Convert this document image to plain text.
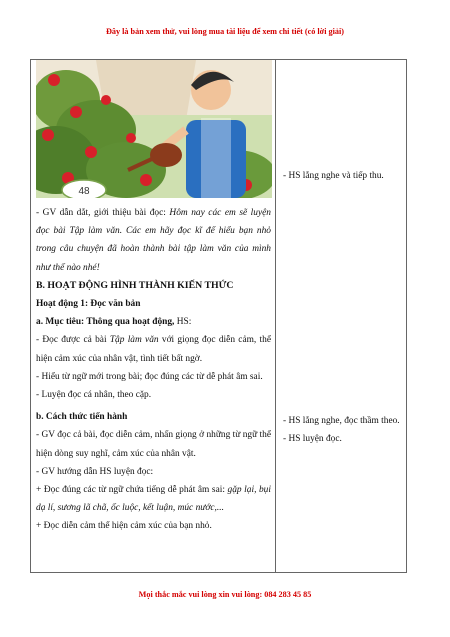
Đây là bản xem thử, vui lòng mua tài liệu để xem chi tiết (có lời giải)
48

- GV dẫn dắt, giới thiệu bài đọc: Hôm nay các em sẽ luyện đọc bài Tập làm văn. Các em hãy đọc kĩ để hiểu bạn nhỏ trong câu chuyện đã hoàn thành bài tập làm văn của mình như thế nào nhé!

B. HOẠT ĐỘNG HÌNH THÀNH KIẾN THỨC

Hoạt động 1: Đọc văn bản

a. Mục tiêu: Thông qua hoạt động, HS:

- Đọc được cả bài Tập làm văn với giọng đọc diễn cảm, thể hiện cảm xúc của nhân vật, tình tiết bất ngờ.

- Hiểu từ ngữ mới trong bài; đọc đúng các từ dễ phát âm sai.

- Luyện đọc cá nhân, theo cặp.

b. Cách thức tiến hành

- GV đọc cả bài, đọc diễn cảm, nhấn giọng ở những từ ngữ thể hiện dòng suy nghĩ, cảm xúc của nhân vật.

- GV hướng dẫn HS luyện đọc:

+ Đọc đúng các từ ngữ chứa tiếng dễ phát âm sai: gặp lại, bụi dạ lí, sương lã chã, ốc luộc, kết luận, múc nước,...

+ Đọc diễn cảm thể hiện cảm xúc của bạn nhỏ.

- HS lắng nghe và tiếp thu.

- HS lắng nghe, đọc thầm theo.

- HS luyện đọc.

Mọi thắc mắc vui lòng xin vui lòng: 084 283 45 85
